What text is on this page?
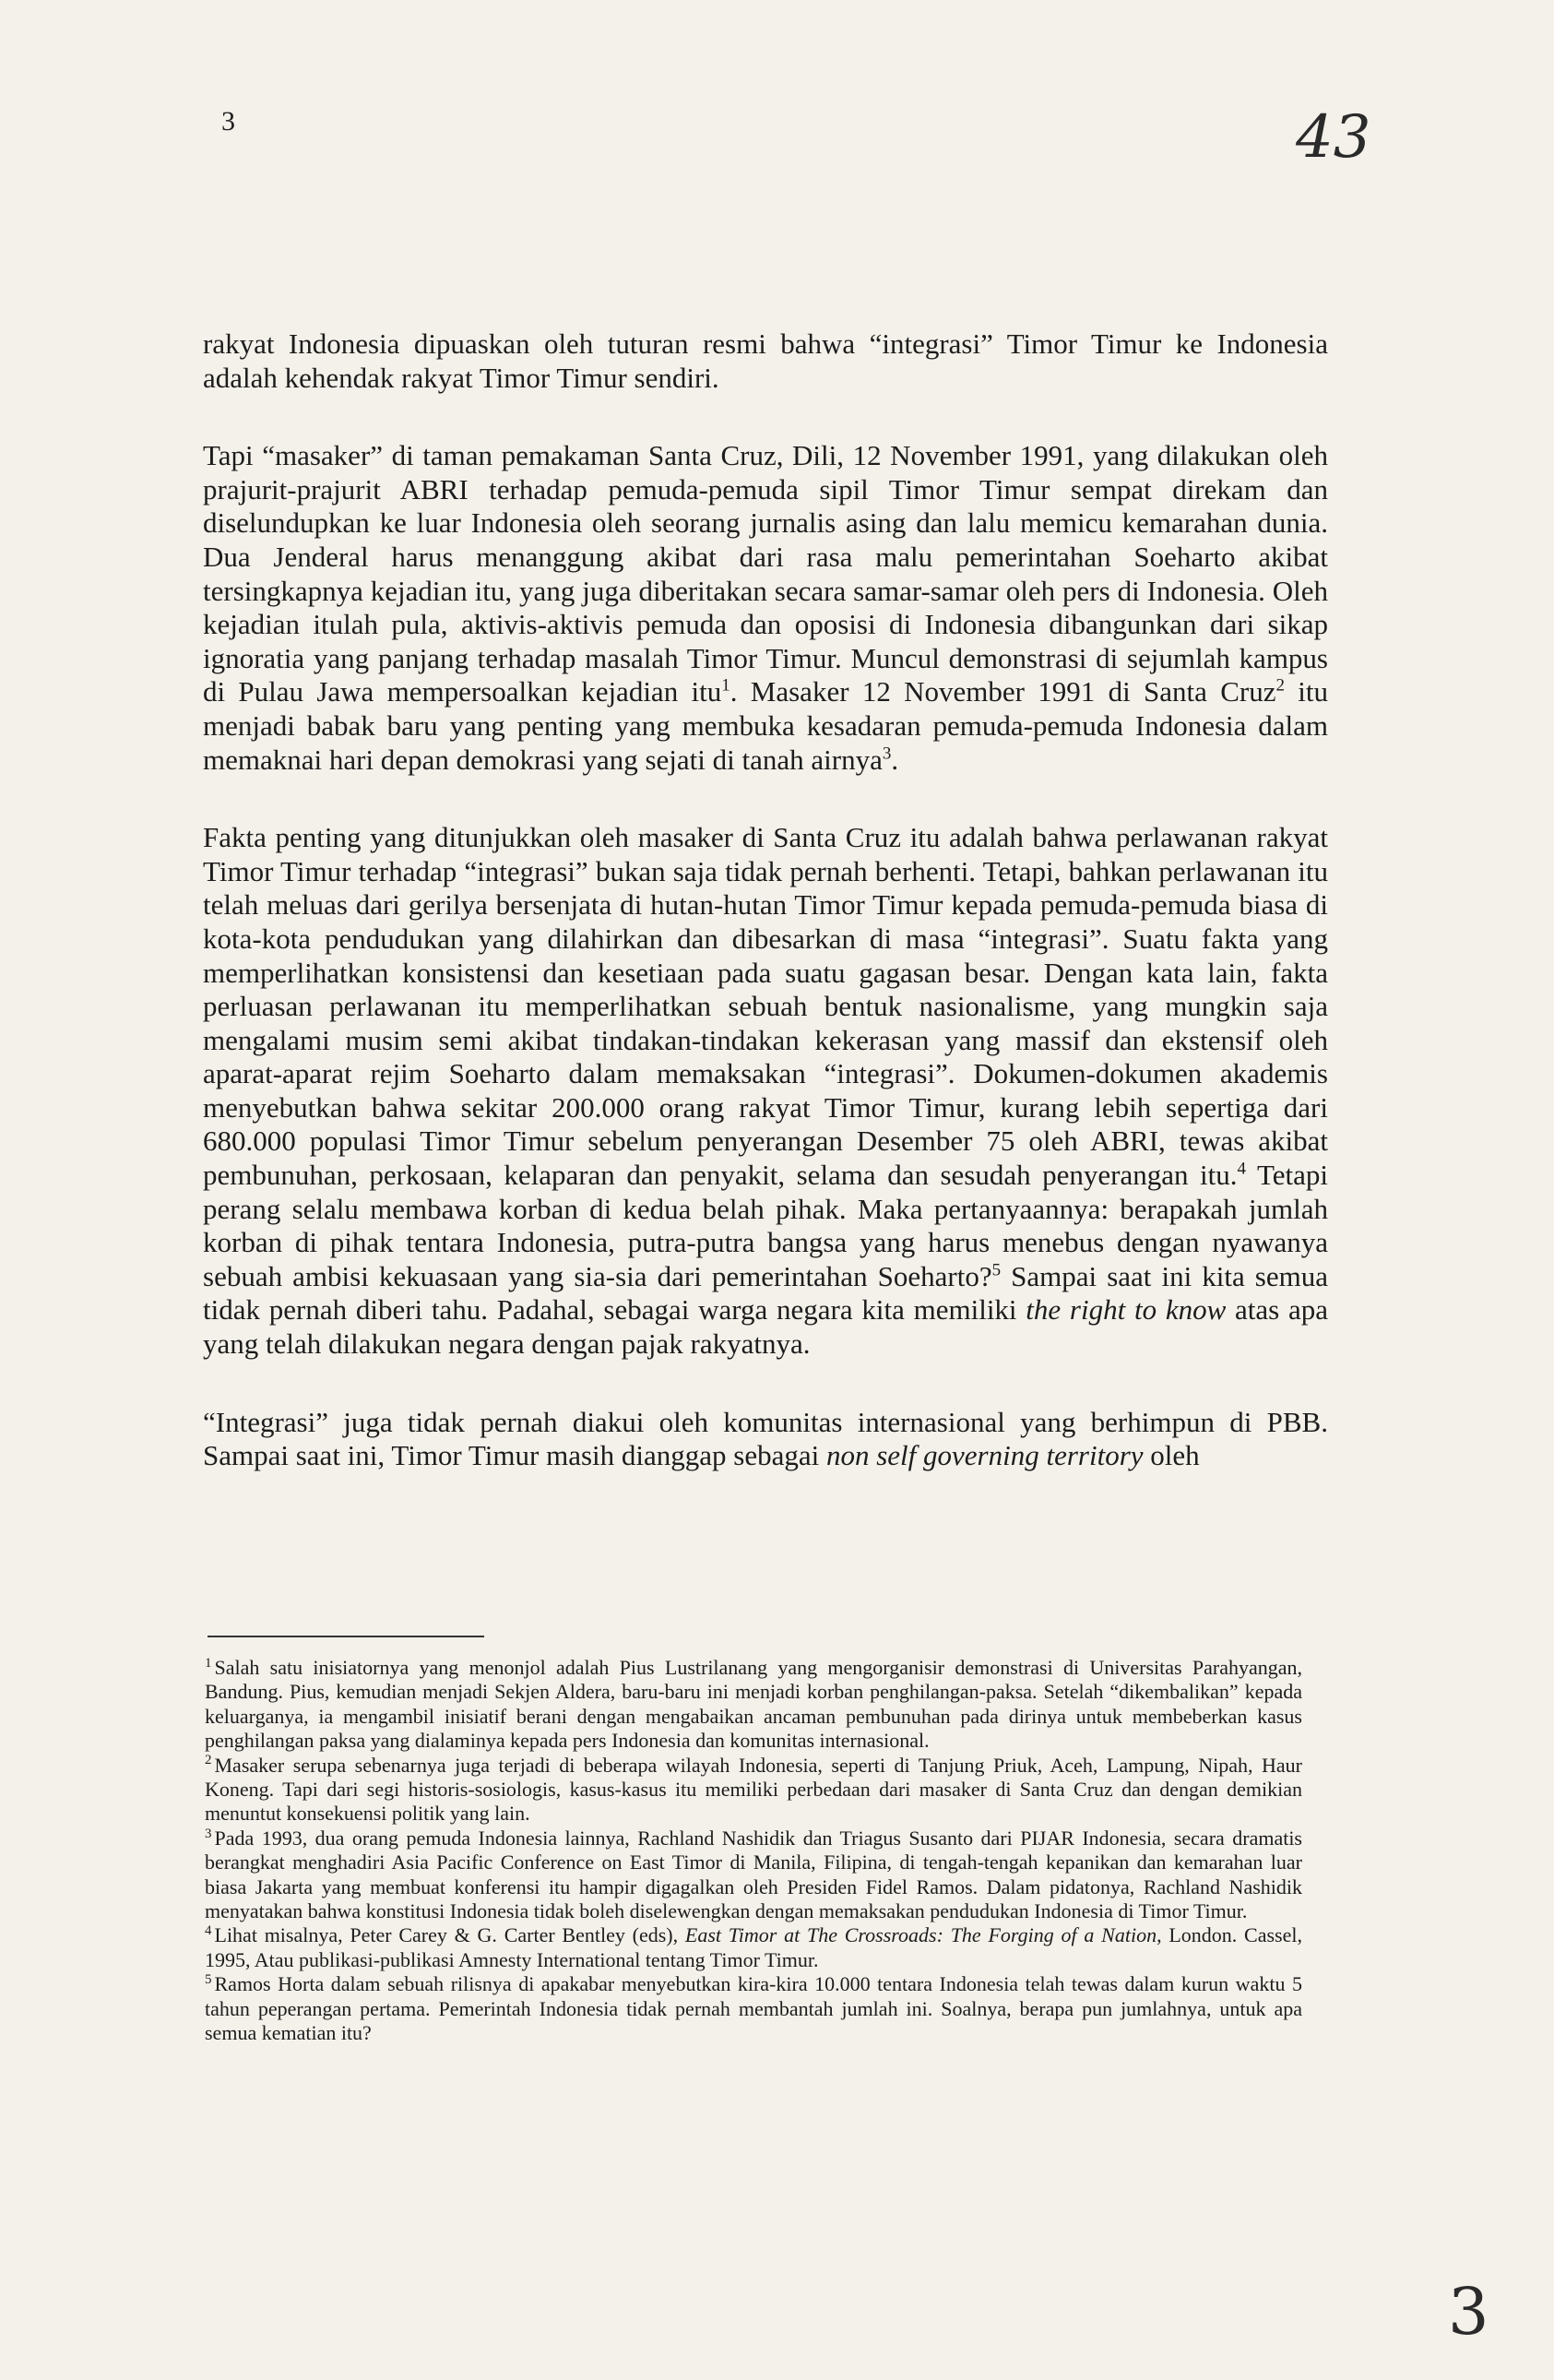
3	43

rakyat Indonesia dipuaskan oleh tuturan resmi bahwa “integrasi” Timor Timur ke Indonesia adalah kehendak rakyat Timor Timur sendiri.

Tapi “masaker” di taman pemakaman Santa Cruz, Dili, 12 November 1991, yang dilakukan oleh prajurit-prajurit ABRI terhadap pemuda-pemuda sipil Timor Timur sempat direkam dan diselundupkan ke luar Indonesia oleh seorang jurnalis asing dan lalu memicu kemarahan dunia. Dua Jenderal harus menanggung akibat dari rasa malu pemerintahan Soeharto akibat tersingkapnya kejadian itu, yang juga diberitakan secara samar-samar oleh pers di Indonesia. Oleh kejadian itulah pula, aktivis-aktivis pemuda dan oposisi di Indonesia dibangunkan dari sikap ignoratia yang panjang terhadap masalah Timor Timur. Muncul demonstrasi di sejumlah kampus di Pulau Jawa mempersoalkan kejadian itu$^1$. Masaker 12 November 1991 di Santa Cruz$^2$ itu menjadi babak baru yang penting yang membuka kesadaran pemuda-pemuda Indonesia dalam memaknai hari depan demokrasi yang sejati di tanah airnya$^3$.

Fakta penting yang ditunjukkan oleh masaker di Santa Cruz itu adalah bahwa perlawanan rakyat Timor Timur terhadap “integrasi” bukan saja tidak pernah berhenti. Tetapi, bahkan perlawanan itu telah meluas dari gerilya bersenjata di hutan-hutan Timor Timur kepada pemuda-pemuda biasa di kota-kota pendudukan yang dilahirkan dan dibesarkan di masa “integrasi”. Suatu fakta yang memperlihatkan konsistensi dan kesetiaan pada suatu gagasan besar. Dengan kata lain, fakta perluasan perlawanan itu memperlihatkan sebuah bentuk nasionalisme, yang mungkin saja mengalami musim semi akibat tindakan-tindakan kekerasan yang massif dan ekstensif oleh aparat-aparat rejim Soeharto dalam memaksakan “integrasi”. Dokumen-dokumen akademis menyebutkan bahwa sekitar 200.000 orang rakyat Timor Timur, kurang lebih sepertiga dari 680.000 populasi Timor Timur sebelum penyerangan Desember 75 oleh ABRI, tewas akibat pembunuhan, perkosaan, kelaparan dan penyakit, selama dan sesudah penyerangan itu.$^4$ Tetapi perang selalu membawa korban di kedua belah pihak. Maka pertanyaannya: berapakah jumlah korban di pihak tentara Indonesia, putra-putra bangsa yang harus menebus dengan nyawanya sebuah ambisi kekuasaan yang sia-sia dari pemerintahan Soeharto?$^5$ Sampai saat ini kita semua tidak pernah diberi tahu. Padahal, sebagai warga negara kita memiliki the right to know atas apa yang telah dilakukan negara dengan pajak rakyatnya.

“Integrasi” juga tidak pernah diakui oleh komunitas internasional yang berhimpun di PBB. Sampai saat ini, Timor Timur masih dianggap sebagai non self governing territory oleh

$^1$ Salah satu inisiatornya yang menonjol adalah Pius Lustrilanang yang mengorganisir demonstrasi di Universitas Parahyangan, Bandung. Pius, kemudian menjadi Sekjen Aldera, baru-baru ini menjadi korban penghilangan-paksa. Setelah “dikembalikan” kepada keluarganya, ia mengambil inisiatif berani dengan mengabaikan ancaman pembunuhan pada dirinya untuk membeberkan kasus penghilangan paksa yang dialaminya kepada pers Indonesia dan komunitas internasional.

$^2$ Masaker serupa sebenarnya juga terjadi di beberapa wilayah Indonesia, seperti di Tanjung Priuk, Aceh, Lampung, Nipah, Haur Koneng. Tapi dari segi historis-sosiologis, kasus-kasus itu memiliki perbedaan dari masaker di Santa Cruz dan dengan demikian menuntut konsekuensi politik yang lain.

$^3$ Pada 1993, dua orang pemuda Indonesia lainnya, Rachland Nashidik dan Triagus Susanto dari PIJAR Indonesia, secara dramatis berangkat menghadiri Asia Pacific Conference on East Timor di Manila, Filipina, di tengah-tengah kepanikan dan kemarahan luar biasa Jakarta yang membuat konferensi itu hampir digagalkan oleh Presiden Fidel Ramos. Dalam pidatonya, Rachland Nashidik menyatakan bahwa konstitusi Indonesia tidak boleh diselewengkan dengan memaksakan pendudukan Indonesia di Timor Timur.

$^4$ Lihat misalnya, Peter Carey & G. Carter Bentley (eds), East Timor at The Crossroads: The Forging of a Nation, London. Cassel, 1995, Atau publikasi-publikasi Amnesty International tentang Timor Timur.

$^5$ Ramos Horta dalam sebuah rilisnya di apakabar menyebutkan kira-kira 10.000 tentara Indonesia telah tewas dalam kurun waktu 5 tahun peperangan pertama. Pemerintah Indonesia tidak pernah membantah jumlah ini. Soalnya, berapa pun jumlahnya, untuk apa semua kematian itu?

3
